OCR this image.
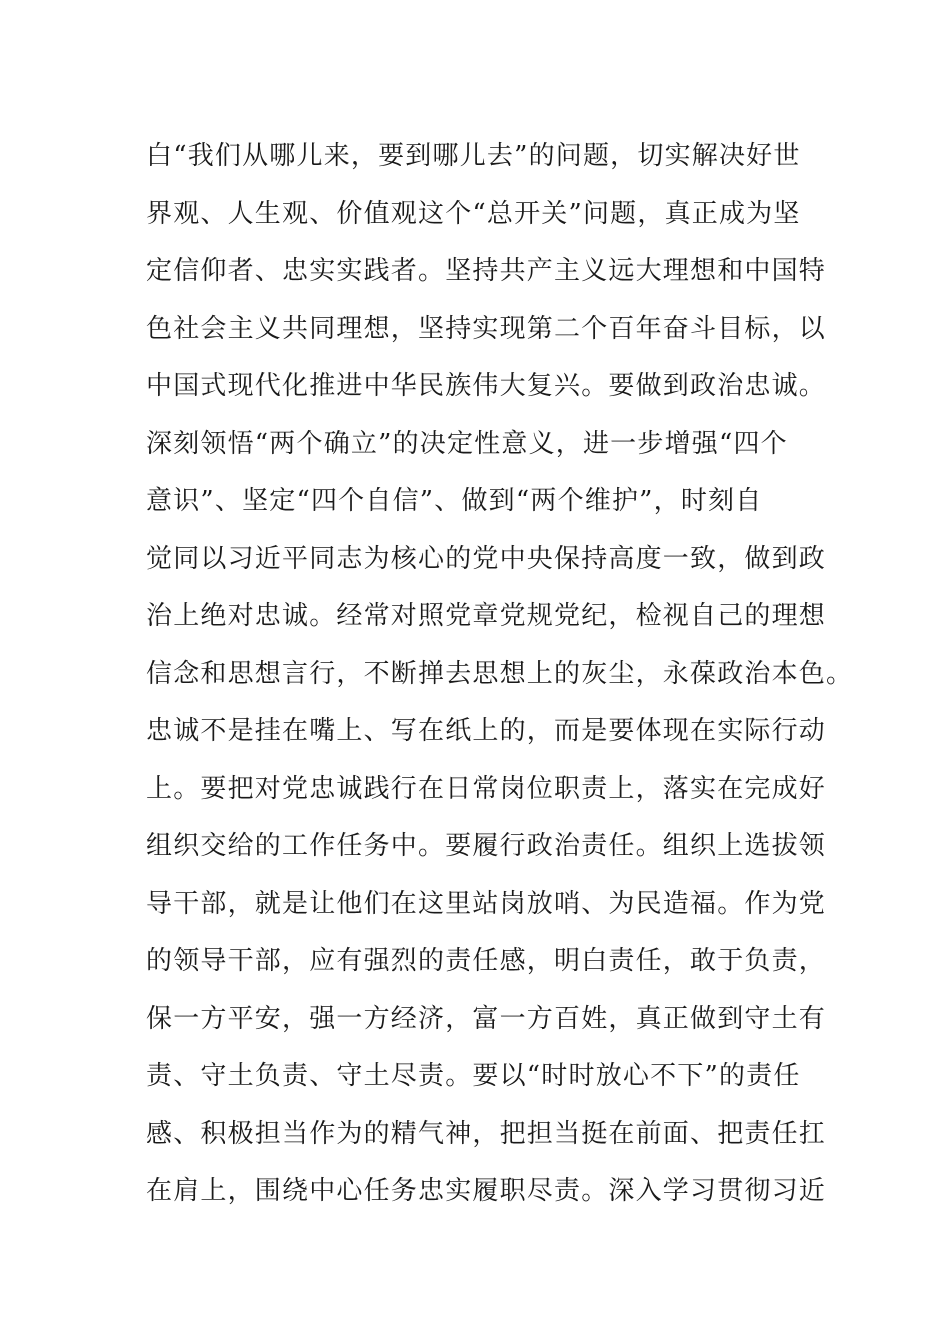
白“我们从哪儿来，要到哪儿去”的问题，切实解决好世
界观、人生观、价值观这个“总开关”问题，真正成为坚
定信仰者、忠实实践者。坚持共产主义远大理想和中国特
色社会主义共同理想，坚持实现第二个百年奋斗目标，以
中国式现代化推进中华民族伟大复兴。要做到政治忠诚。
深刻领悟“两个确立”的决定性意义，进一步增强“四个
意识”、坚定“四个自信”、做到“两个维护”，时刻自
觉同以习近平同志为核心的党中央保持高度一致，做到政
治上绝对忠诚。经常对照党章党规党纪，检视自己的理想
信念和思想言行，不断掸去思想上的灰尘，永葆政治本色。
忠诚不是挂在嘴上、写在纸上的，而是要体现在实际行动
上。要把对党忠诚践行在日常岗位职责上，落实在完成好
组织交给的工作任务中。要履行政治责任。组织上选拔领
导干部，就是让他们在这里站岗放哨、为民造福。作为党
的领导干部，应有强烈的责任感，明白责任，敢于负责，
保一方平安，强一方经济，富一方百姓，真正做到守土有
责、守土负责、守土尽责。要以“时时放心不下”的责任
感、积极担当作为的精气神，把担当挺在前面、把责任扛
在肩上，围绕中心任务忠实履职尽责。深入学习贯彻习近
